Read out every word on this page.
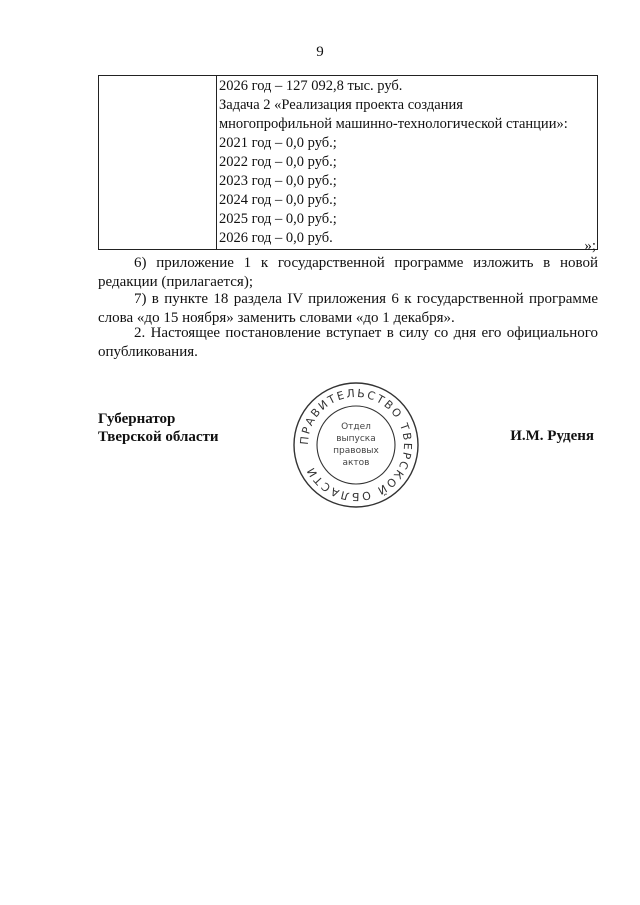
9

2026 год – 127 092,8 тыс. руб.
Задача 2 «Реализация проекта создания
многопрофильной машинно-технологической станции»:
2021 год – 0,0 руб.;
2022 год – 0,0 руб.;
2023 год – 0,0 руб.;
2024 год – 0,0 руб.;
2025 год – 0,0 руб.;
2026 год – 0,0 руб.	»;

6) приложение 1 к государственной программе изложить в новой редакции (прилагается);

7) в пункте 18 раздела IV приложения 6 к государственной программе слова «до 15 ноября» заменить словами «до 1 декабря».

2. Настоящее постановление вступает в силу со дня его официального опубликования.

Губернатор
Тверской области	И.М. Руденя
ПРАВИТЕЛЬСТВО ТВЕРСКОЙ ОБЛАСТИ
Отдел
выпуска
правовых
актов
